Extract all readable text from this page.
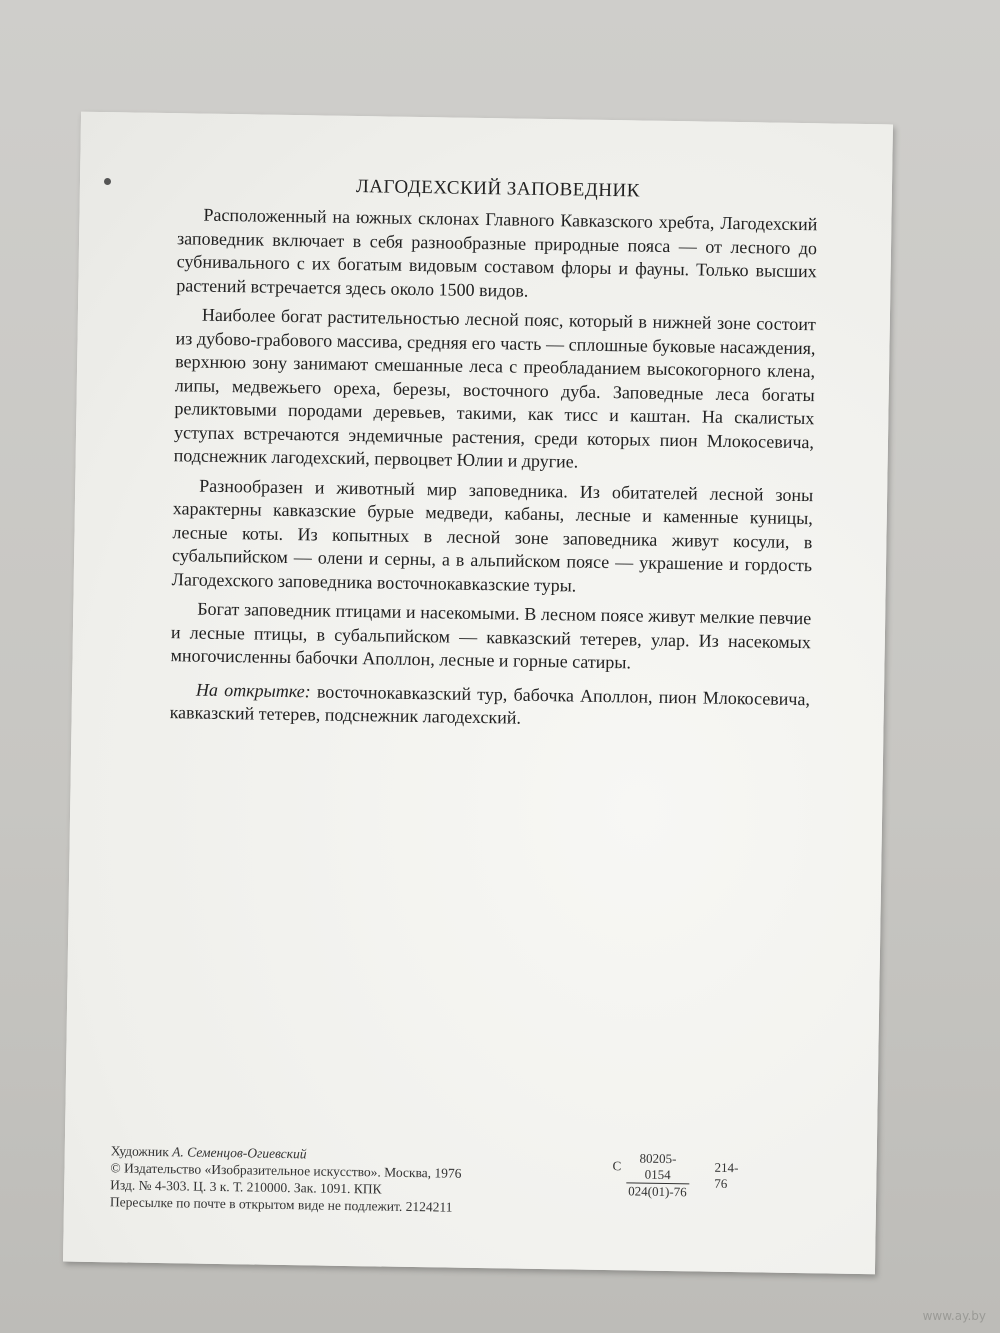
ЛАГОДЕХСКИЙ ЗАПОВЕДНИК

Расположенный на южных склонах Главного Кавказского хребта, Лагодехский заповедник включает в себя разнообразные природные пояса — от лесного до субнивального с их богатым видовым составом флоры и фауны. Только высших растений встречается здесь около 1500 видов.

Наиболее богат растительностью лесной пояс, который в нижней зоне состоит из дубово-грабового массива, средняя его часть — сплошные буковые насаждения, верхнюю зону занимают смешанные леса с преобладанием высокогорного клена, липы, медвежьего ореха, березы, восточного дуба. Заповедные леса богаты реликтовыми породами деревьев, такими, как тисс и каштан. На скалистых уступах встречаются эндемичные растения, среди которых пион Млокосевича, подснежник лагодехский, первоцвет Юлии и другие.

Разнообразен и животный мир заповедника. Из обитателей лесной зоны характерны кавказские бурые медведи, кабаны, лесные и каменные куницы, лесные коты. Из копытных в лесной зоне заповедника живут косули, в субальпийском — олени и серны, а в альпийском поясе — украшение и гордость Лагодехского заповедника восточнокавказские туры.

Богат заповедник птицами и насекомыми. В лесном поясе живут мелкие певчие и лесные птицы, в субальпийском — кавказский тетерев, улар. Из насекомых многочисленны бабочки Аполлон, лесные и горные сатиры.

На открытке: восточнокавказский тур, бабочка Аполлон, пион Млокосевича, кавказский тетерев, подснежник лагодехский.

Художник А. Семенцов-Огиевский
© Издательство «Изобразительное искусство». Москва, 1976
Изд. № 4-303. Ц. 3 к. Т. 210000. Зак. 1091. КПК
Пересылке по почте в открытом виде не подлежит. 2124211
С $\frac{80205-0154}{024(01)-76} 214-76$
www.ay.by
